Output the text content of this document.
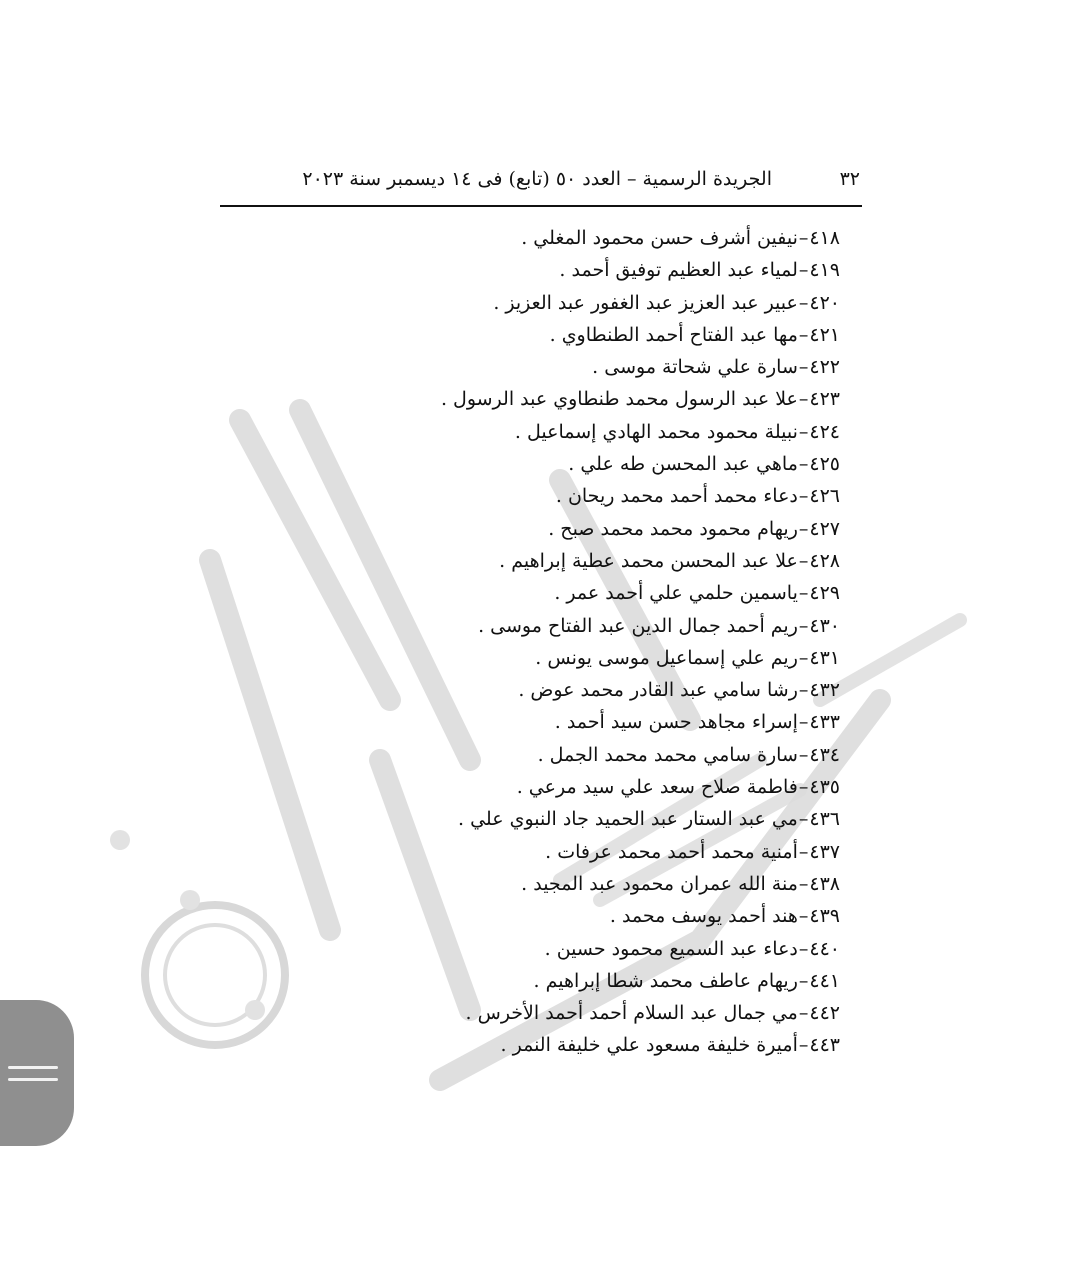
٣٢
الجريدة الرسمية – العدد ٥٠ (تابع) فى ١٤ ديسمبر سنة ٢٠٢٣
٤١٨–نيفين أشرف حسن محمود المغلي .
٤١٩–لمياء عبد العظيم توفيق أحمد .
٤٢٠–عبير عبد العزيز عبد الغفور عبد العزيز .
٤٢١–مها عبد الفتاح أحمد الطنطاوي .
٤٢٢–سارة علي شحاتة موسى .
٤٢٣–علا عبد الرسول محمد طنطاوي عبد الرسول .
٤٢٤–نبيلة محمود محمد الهادي إسماعيل .
٤٢٥–ماهي عبد المحسن طه علي .
٤٢٦–دعاء محمد أحمد محمد ريحان .
٤٢٧–ريهام محمود محمد محمد صبح .
٤٢٨–علا عبد المحسن محمد عطية إبراهيم .
٤٢٩–ياسمين حلمي علي أحمد عمر .
٤٣٠–ريم أحمد جمال الدين عبد الفتاح موسى .
٤٣١–ريم علي إسماعيل موسى يونس .
٤٣٢–رشا سامي عبد القادر محمد عوض .
٤٣٣–إسراء مجاهد حسن سيد أحمد .
٤٣٤–سارة سامي محمد محمد الجمل .
٤٣٥–فاطمة صلاح سعد علي سيد مرعي .
٤٣٦–مي عبد الستار عبد الحميد جاد النبوي علي .
٤٣٧–أمنية محمد أحمد محمد عرفات .
٤٣٨–منة الله عمران محمود عبد المجيد .
٤٣٩–هند أحمد يوسف محمد .
٤٤٠–دعاء عبد السميع محمود حسين .
٤٤١–ريهام عاطف محمد شطا إبراهيم .
٤٤٢–مي جمال عبد السلام أحمد أحمد الأخرس .
٤٤٣–أميرة خليفة مسعود علي خليفة النمر .
